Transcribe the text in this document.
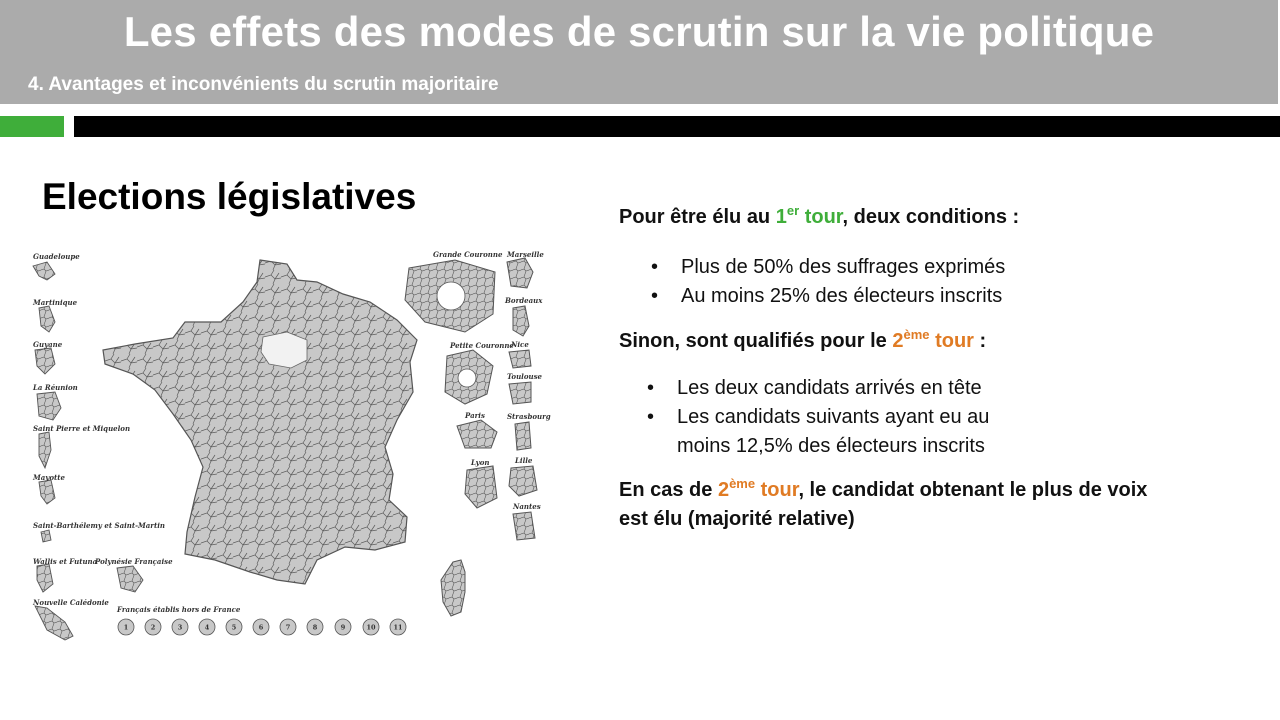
Les effets des modes de scrutin sur la vie politique
4. Avantages et inconvénients du scrutin majoritaire
Elections législatives
Guadeloupe
Martinique
Guyane
La Réunion
Saint Pierre et Miquelon
Mayotte
Saint-Barthélemy et Saint-Martin
Wallis et Futuna
Polynésie Française
Nouvelle Calédonie
Grande Couronne Marseille
Bordeaux
Petite Couronne
Nice
Toulouse
Paris	Strasbourg
Lyon	Lille
Nantes
Français établis hors de France
1	2	3	4	5	6	7	8	9	10	11
Pour être élu au 1er tour, deux conditions :
• Plus de 50% des suffrages exprimés
• Au moins 25% des électeurs inscrits
Sinon, sont qualifiés pour le 2ème tour :
• Les deux candidats arrivés en tête
• Les candidats suivants ayant eu au
moins 12,5% des électeurs inscrits
En cas de 2ème tour, le candidat obtenant le plus de voix
est élu (majorité relative)
